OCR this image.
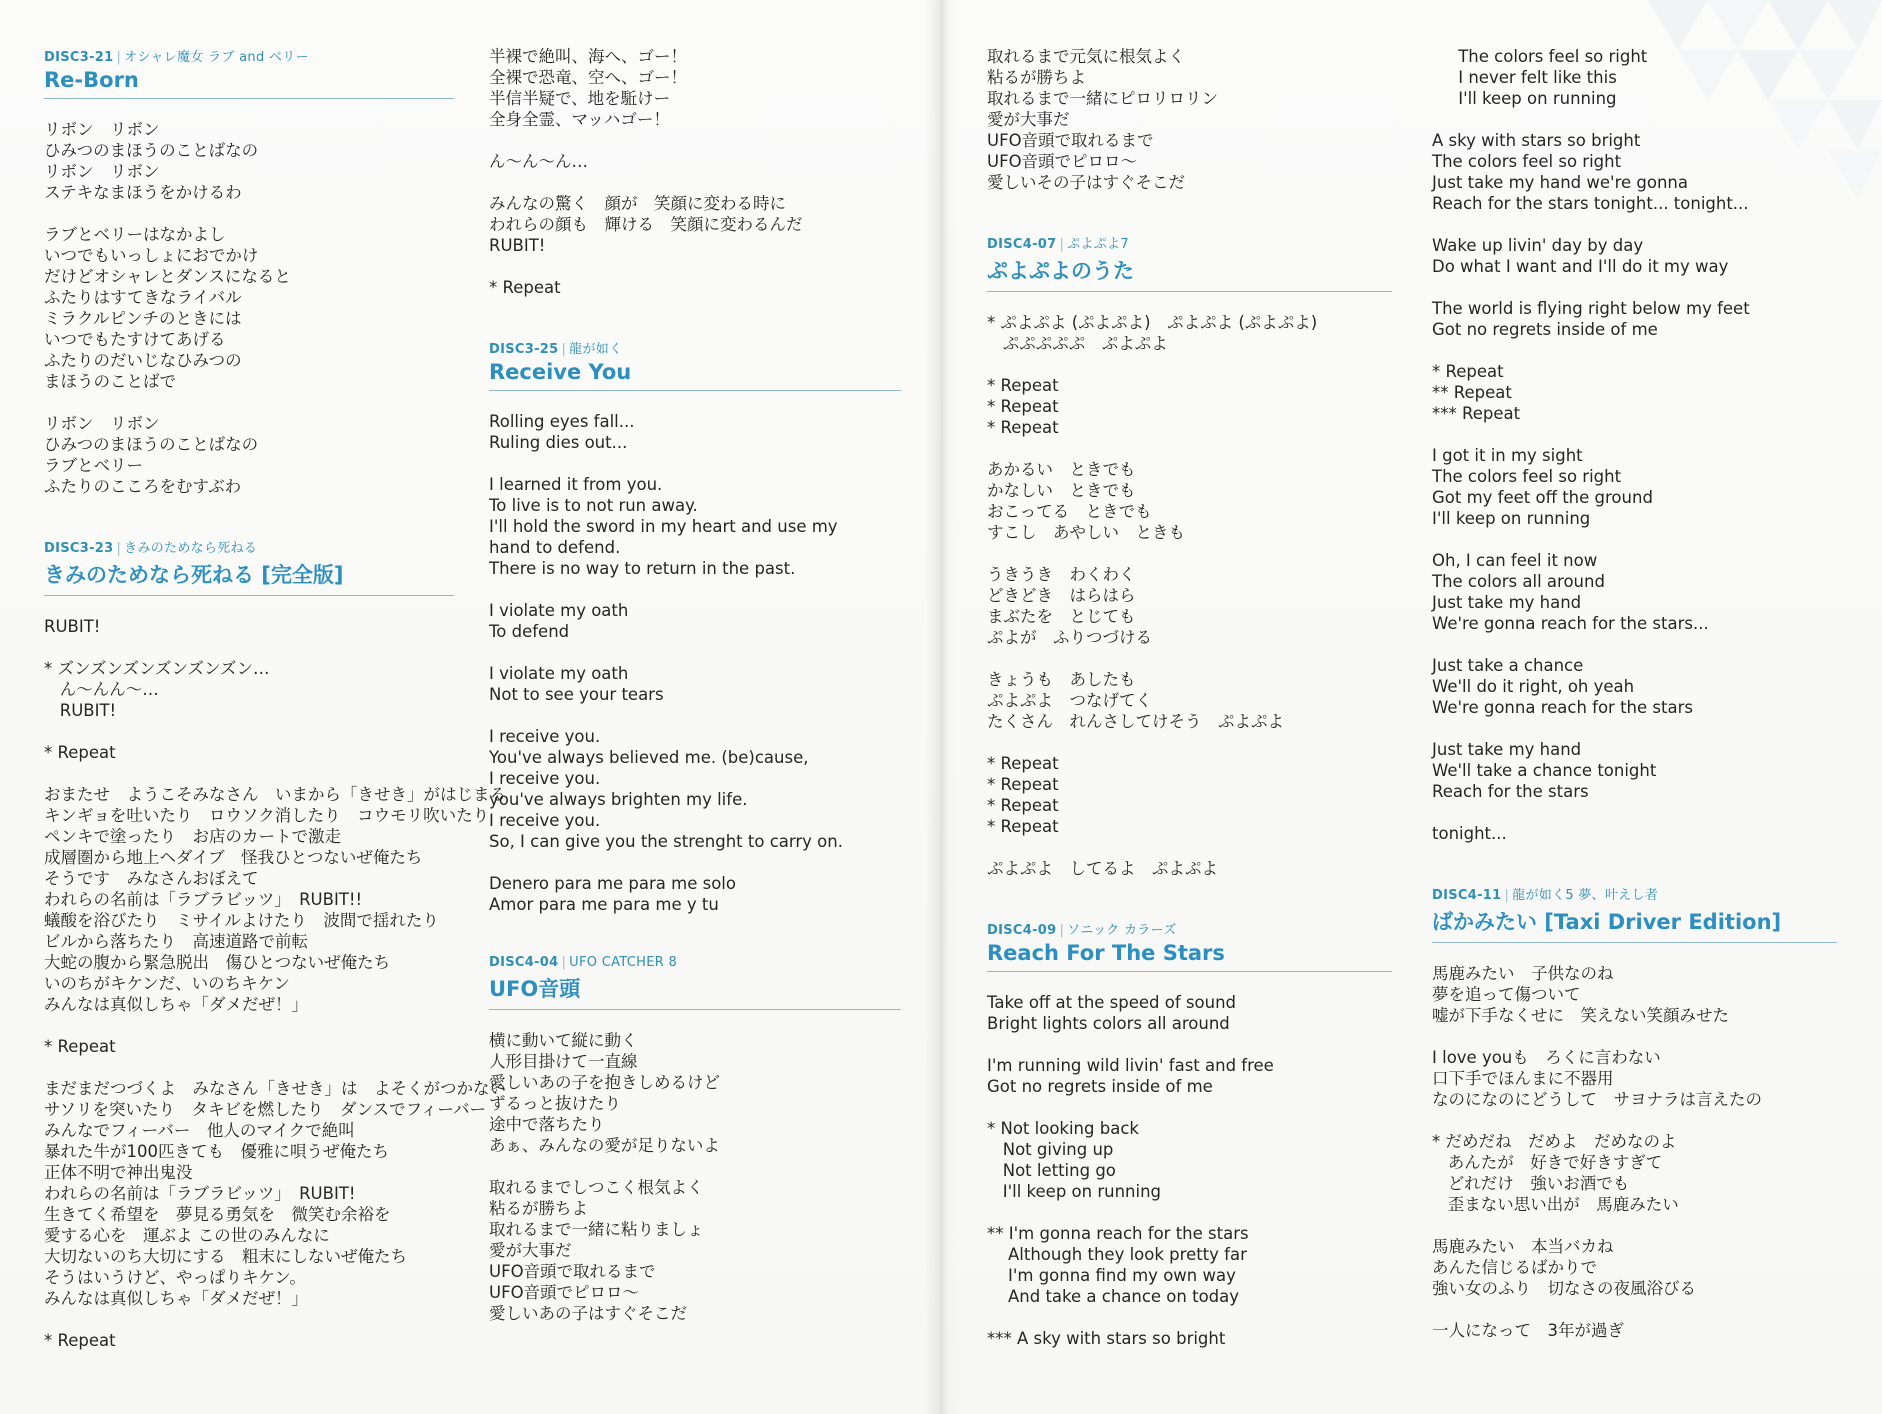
DISC3-21 | オシャレ魔女 ラブ and ベリー
Re-Born
リボン　リボン
ひみつのまほうのことばなの
リボン　リボン
ステキなまほうをかけるわ
ラブとベリーはなかよし
いつでもいっしょにおでかけ
だけどオシャレとダンスになると
ふたりはすてきなライバル
ミラクルピンチのときには
いつでもたすけてあげる
ふたりのだいじなひみつの
まほうのことばで
リボン　リボン
ひみつのまほうのことばなの
ラブとベリー
ふたりのこころをむすぶわ
DISC3-23 | きみのためなら死ねる
きみのためなら死ねる [完全版]
RUBIT!
* ズンズンズンズンズンズン…
ん〜んん〜…
RUBIT!
* Repeat
おまたせ　ようこそみなさん　いまから「きせき」がはじまる
キンギョを吐いたり　ロウソク消したり　コウモリ吹いたり
ペンキで塗ったり　お店のカートで激走
成層圏から地上ヘダイブ　怪我ひとつないぜ俺たち
そうです　みなさんおぼえて
われらの名前は「ラブラビッツ」　RUBIT!!
蟻酸を浴びたり　ミサイルよけたり　波間で揺れたり
ビルから落ちたり　高速道路で前転
大蛇の腹から緊急脱出　傷ひとつないぜ俺たち
いのちがキケンだ、いのちキケン
みんなは真似しちゃ「ダメだぜ！」
* Repeat
まだまだつづくよ　みなさん「きせき」は　よそくがつかない
サソリを突いたり　タキビを燃したり　ダンスでフィーバー
みんなでフィーバー　他人のマイクで絶叫
暴れた牛が100匹きても　優雅に唄うぜ俺たち
正体不明で神出鬼没
われらの名前は「ラブラビッツ」　RUBIT!
生きてく希望を　夢見る勇気を　微笑む余裕を
愛する心を　運ぶよ この世のみんなに
大切ないのち大切にする　粗末にしないぜ俺たち
そうはいうけど、やっぱりキケン。
みんなは真似しちゃ「ダメだぜ！」
* Repeat
半裸で絶叫、海へ、ゴー！
全裸で恐竜、空へ、ゴー！
半信半疑で、地を駈けー
全身全霊、マッハゴー！
ん〜ん〜ん…
みんなの驚く　顔が　笑顔に変わる時に
われらの顔も　輝ける　笑顔に変わるんだ
RUBIT!
* Repeat
DISC3-25 | 龍が如く
Receive You
Rolling eyes fall...
Ruling dies out...
I learned it from you.
To live is to not run away.
I'll hold the sword in my heart and use my
hand to defend.
There is no way to return in the past.
I violate my oath
To defend
I violate my oath
Not to see your tears
I receive you.
You've always believed me. (be)cause,
I receive you.
you've always brighten my life.
I receive you.
So, I can give you the strenght to carry on.
Denero para me para me solo
Amor para me para me y tu
DISC4-04 | UFO CATCHER 8
UFO音頭
横に動いて縦に動く
人形目掛けて一直線
愛しいあの子を抱きしめるけど
ずるっと抜けたり
途中で落ちたり
あぁ、みんなの愛が足りないよ
取れるまでしつこく根気よく
粘るが勝ちよ
取れるまで一緒に粘りましょ
愛が大事だ
UFO音頭で取れるまで
UFO音頭でピロロ〜
愛しいあの子はすぐそこだ
取れるまで元気に根気よく
粘るが勝ちよ
取れるまで一緒にピロリロリン
愛が大事だ
UFO音頭で取れるまで
UFO音頭でピロロ〜
愛しいその子はすぐそこだ
DISC4-07 | ぷよぷよ7
ぷよぷよのうた
* ぷよぷよ (ぷよぷよ)　ぷよぷよ (ぷよぷよ)
ぷぷぷぷぷ　ぷよぷよ
* Repeat
* Repeat
* Repeat
あかるい　ときでも
かなしい　ときでも
おこってる　ときでも
すこし　あやしい　ときも
うきうき　わくわく
どきどき　はらはら
まぶたを　とじても
ぷよが　ふりつづける
きょうも　あしたも
ぷよぷよ　つなげてく
たくさん　れんさしてけそう　ぷよぷよ
* Repeat
* Repeat
* Repeat
* Repeat
ぷよぷよ　してるよ　ぷよぷよ
DISC4-09 | ソニック カラーズ
Reach For The Stars
Take off at the speed of sound
Bright lights colors all around
I'm running wild livin' fast and free
Got no regrets inside of me
* Not looking back
Not giving up
Not letting go
I'll keep on running
** I'm gonna reach for the stars
Although they look pretty far
I'm gonna find my own way
And take a chance on today
*** A sky with stars so bright
The colors feel so right
I never felt like this
I'll keep on running
A sky with stars so bright
The colors feel so right
Just take my hand we're gonna
Reach for the stars tonight... tonight...
Wake up livin' day by day
Do what I want and I'll do it my way
The world is flying right below my feet
Got no regrets inside of me
* Repeat
** Repeat
*** Repeat
I got it in my sight
The colors feel so right
Got my feet off the ground
I'll keep on running
Oh, I can feel it now
The colors all around
Just take my hand
We're gonna reach for the stars...
Just take a chance
We'll do it right, oh yeah
We're gonna reach for the stars
Just take my hand
We'll take a chance tonight
Reach for the stars
tonight...
DISC4-11 | 龍が如く5 夢、叶えし者
ばかみたい [Taxi Driver Edition]
馬鹿みたい　子供なのね
夢を追って傷ついて
嘘が下手なくせに　笑えない笑顔みせた
I love youも　ろくに言わない
口下手でほんまに不器用
なのになのにどうして　サヨナラは言えたの
* だめだね　だめよ　だめなのよ
あんたが　好きで好きすぎて
どれだけ　強いお酒でも
歪まない思い出が　馬鹿みたい
馬鹿みたい　本当バカね
あんた信じるばかりで
強い女のふり　切なさの夜風浴びる
一人になって　3年が過ぎ
